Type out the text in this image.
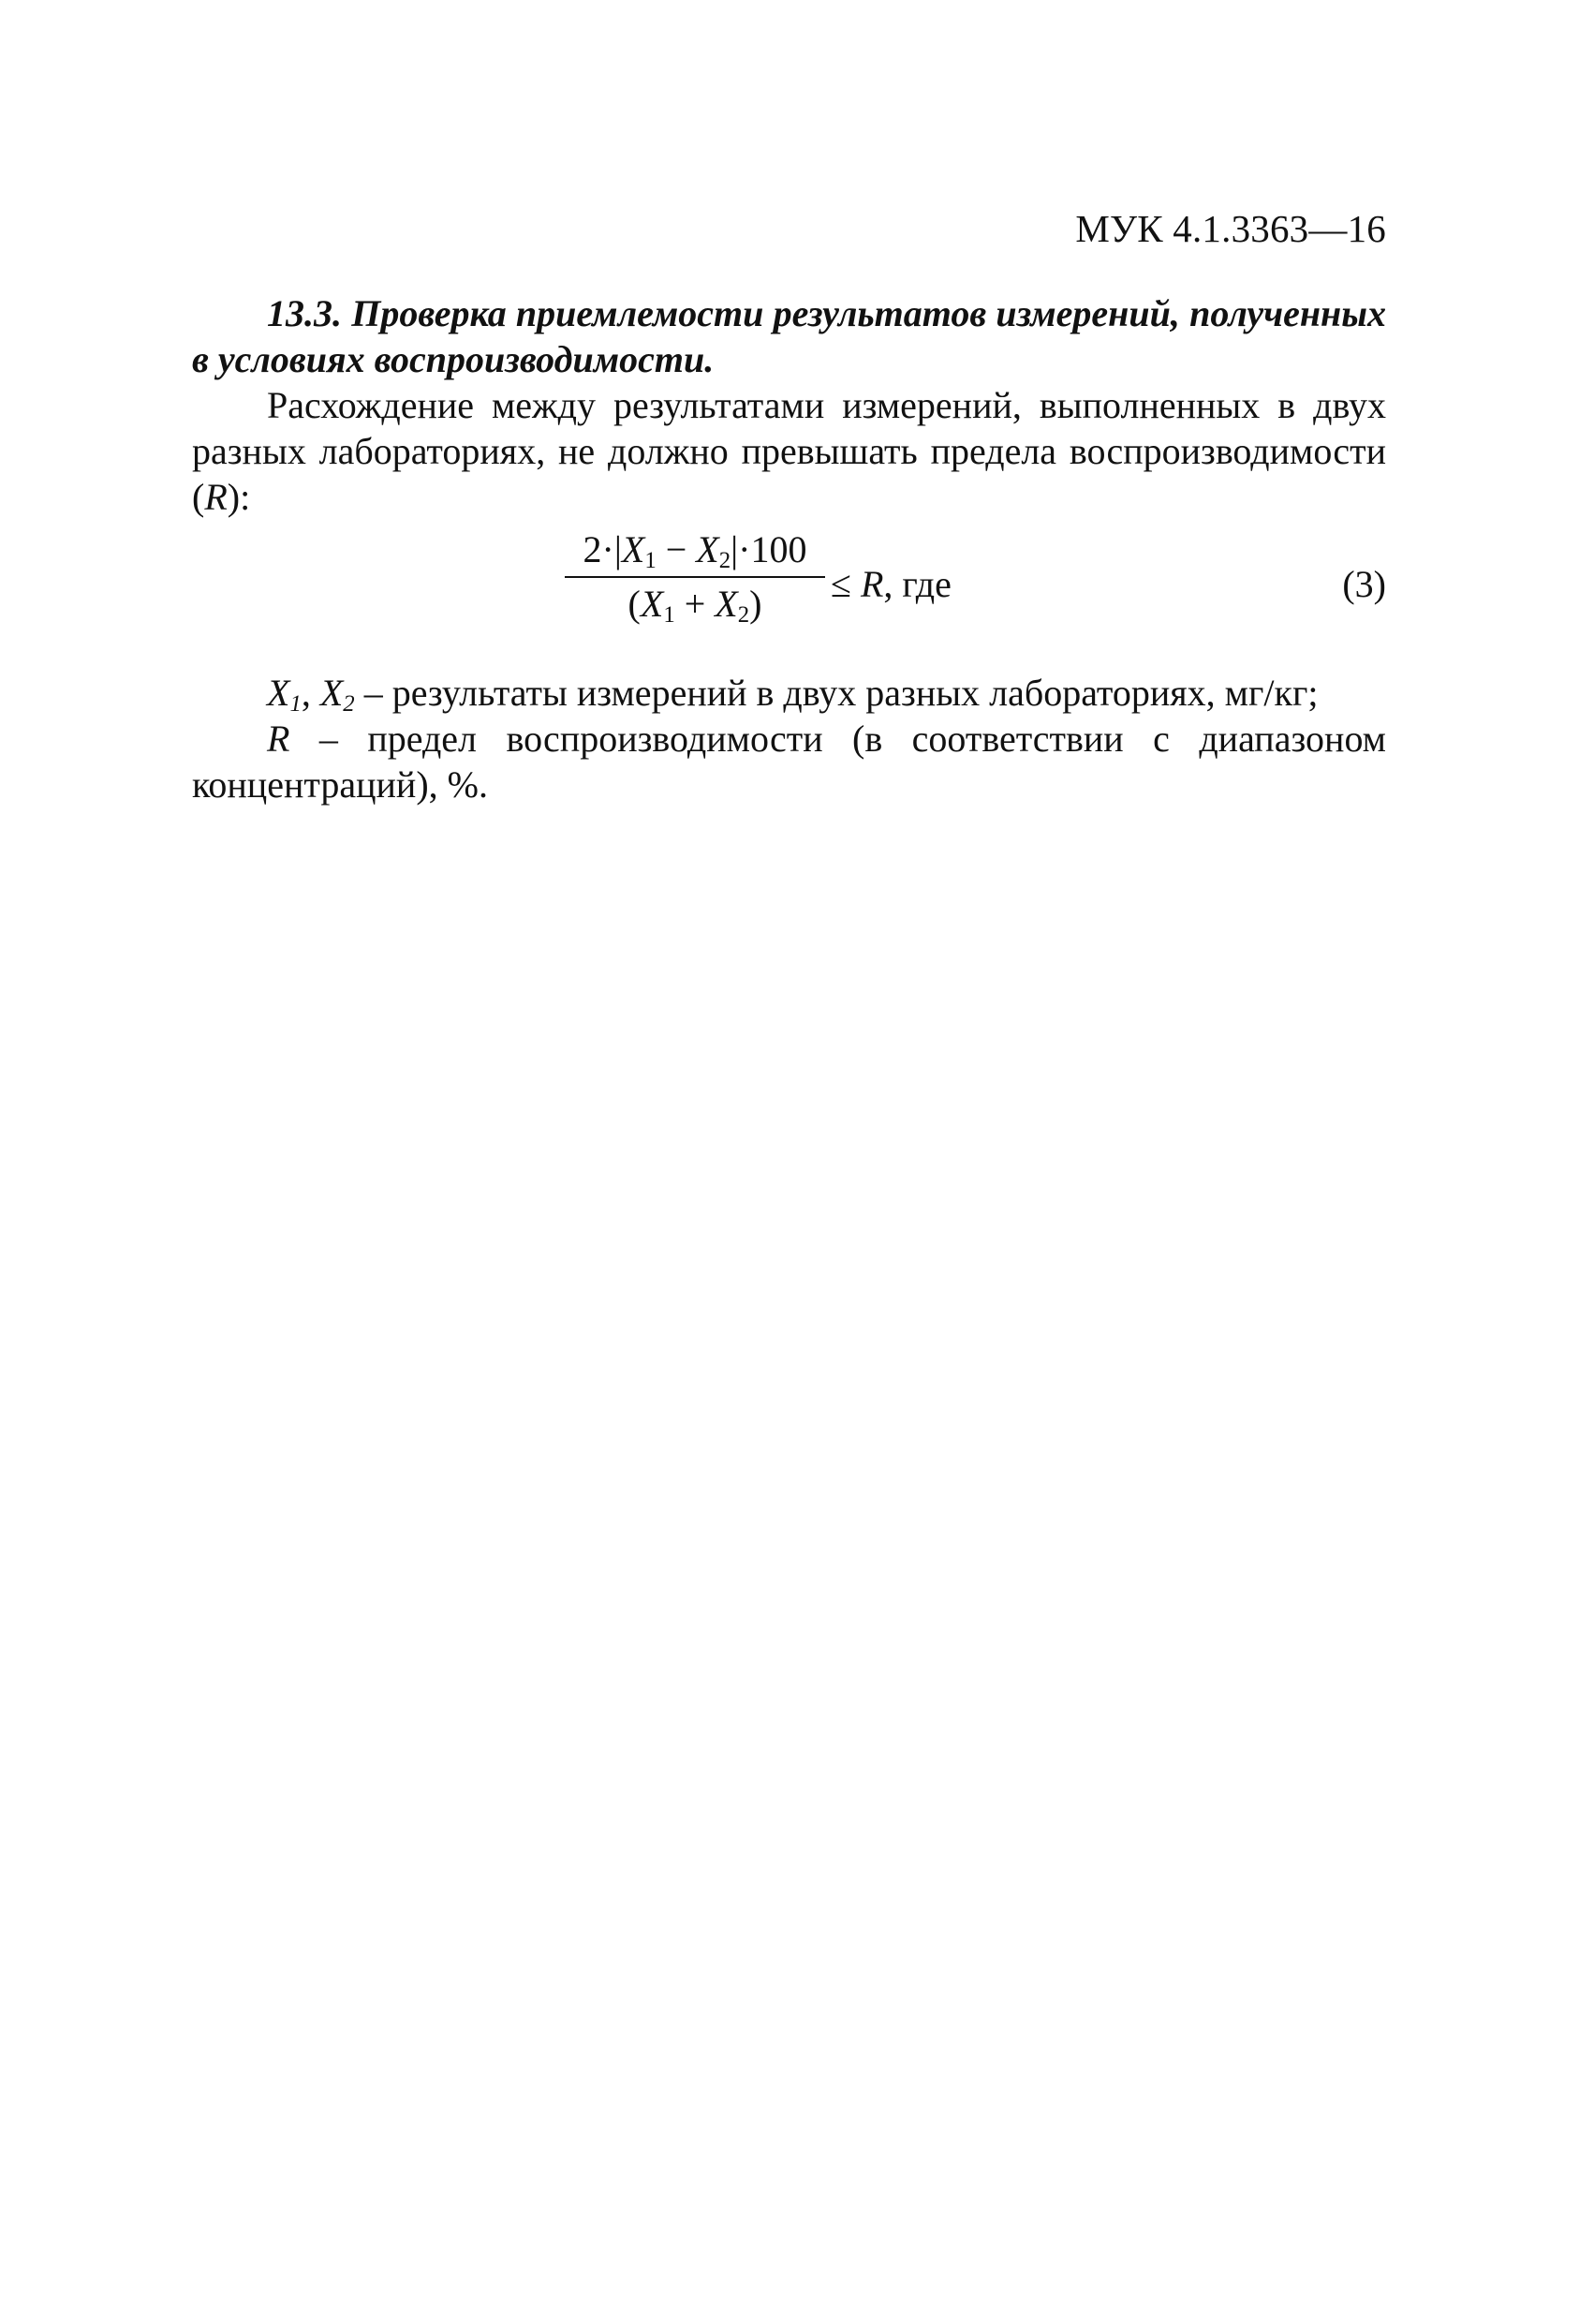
МУК 4.1.3363—16

13.3. Проверка приемлемости результатов измерений, полученных в условиях воспроизводимости.

Расхождение между результатами измерений, выполненных в двух разных лабораториях, не должно превышать предела воспроизводимости (R):

$2\cdot|X_1 - X_2|\cdot 100$
$(X_1 + X_2)$	≤ R, где	(3)

$X_1$, $X_2$ – результаты измерений в двух разных лабораториях, мг/кг;

R – предел воспроизводимости (в соответствии с диапазоном концентраций), %.
